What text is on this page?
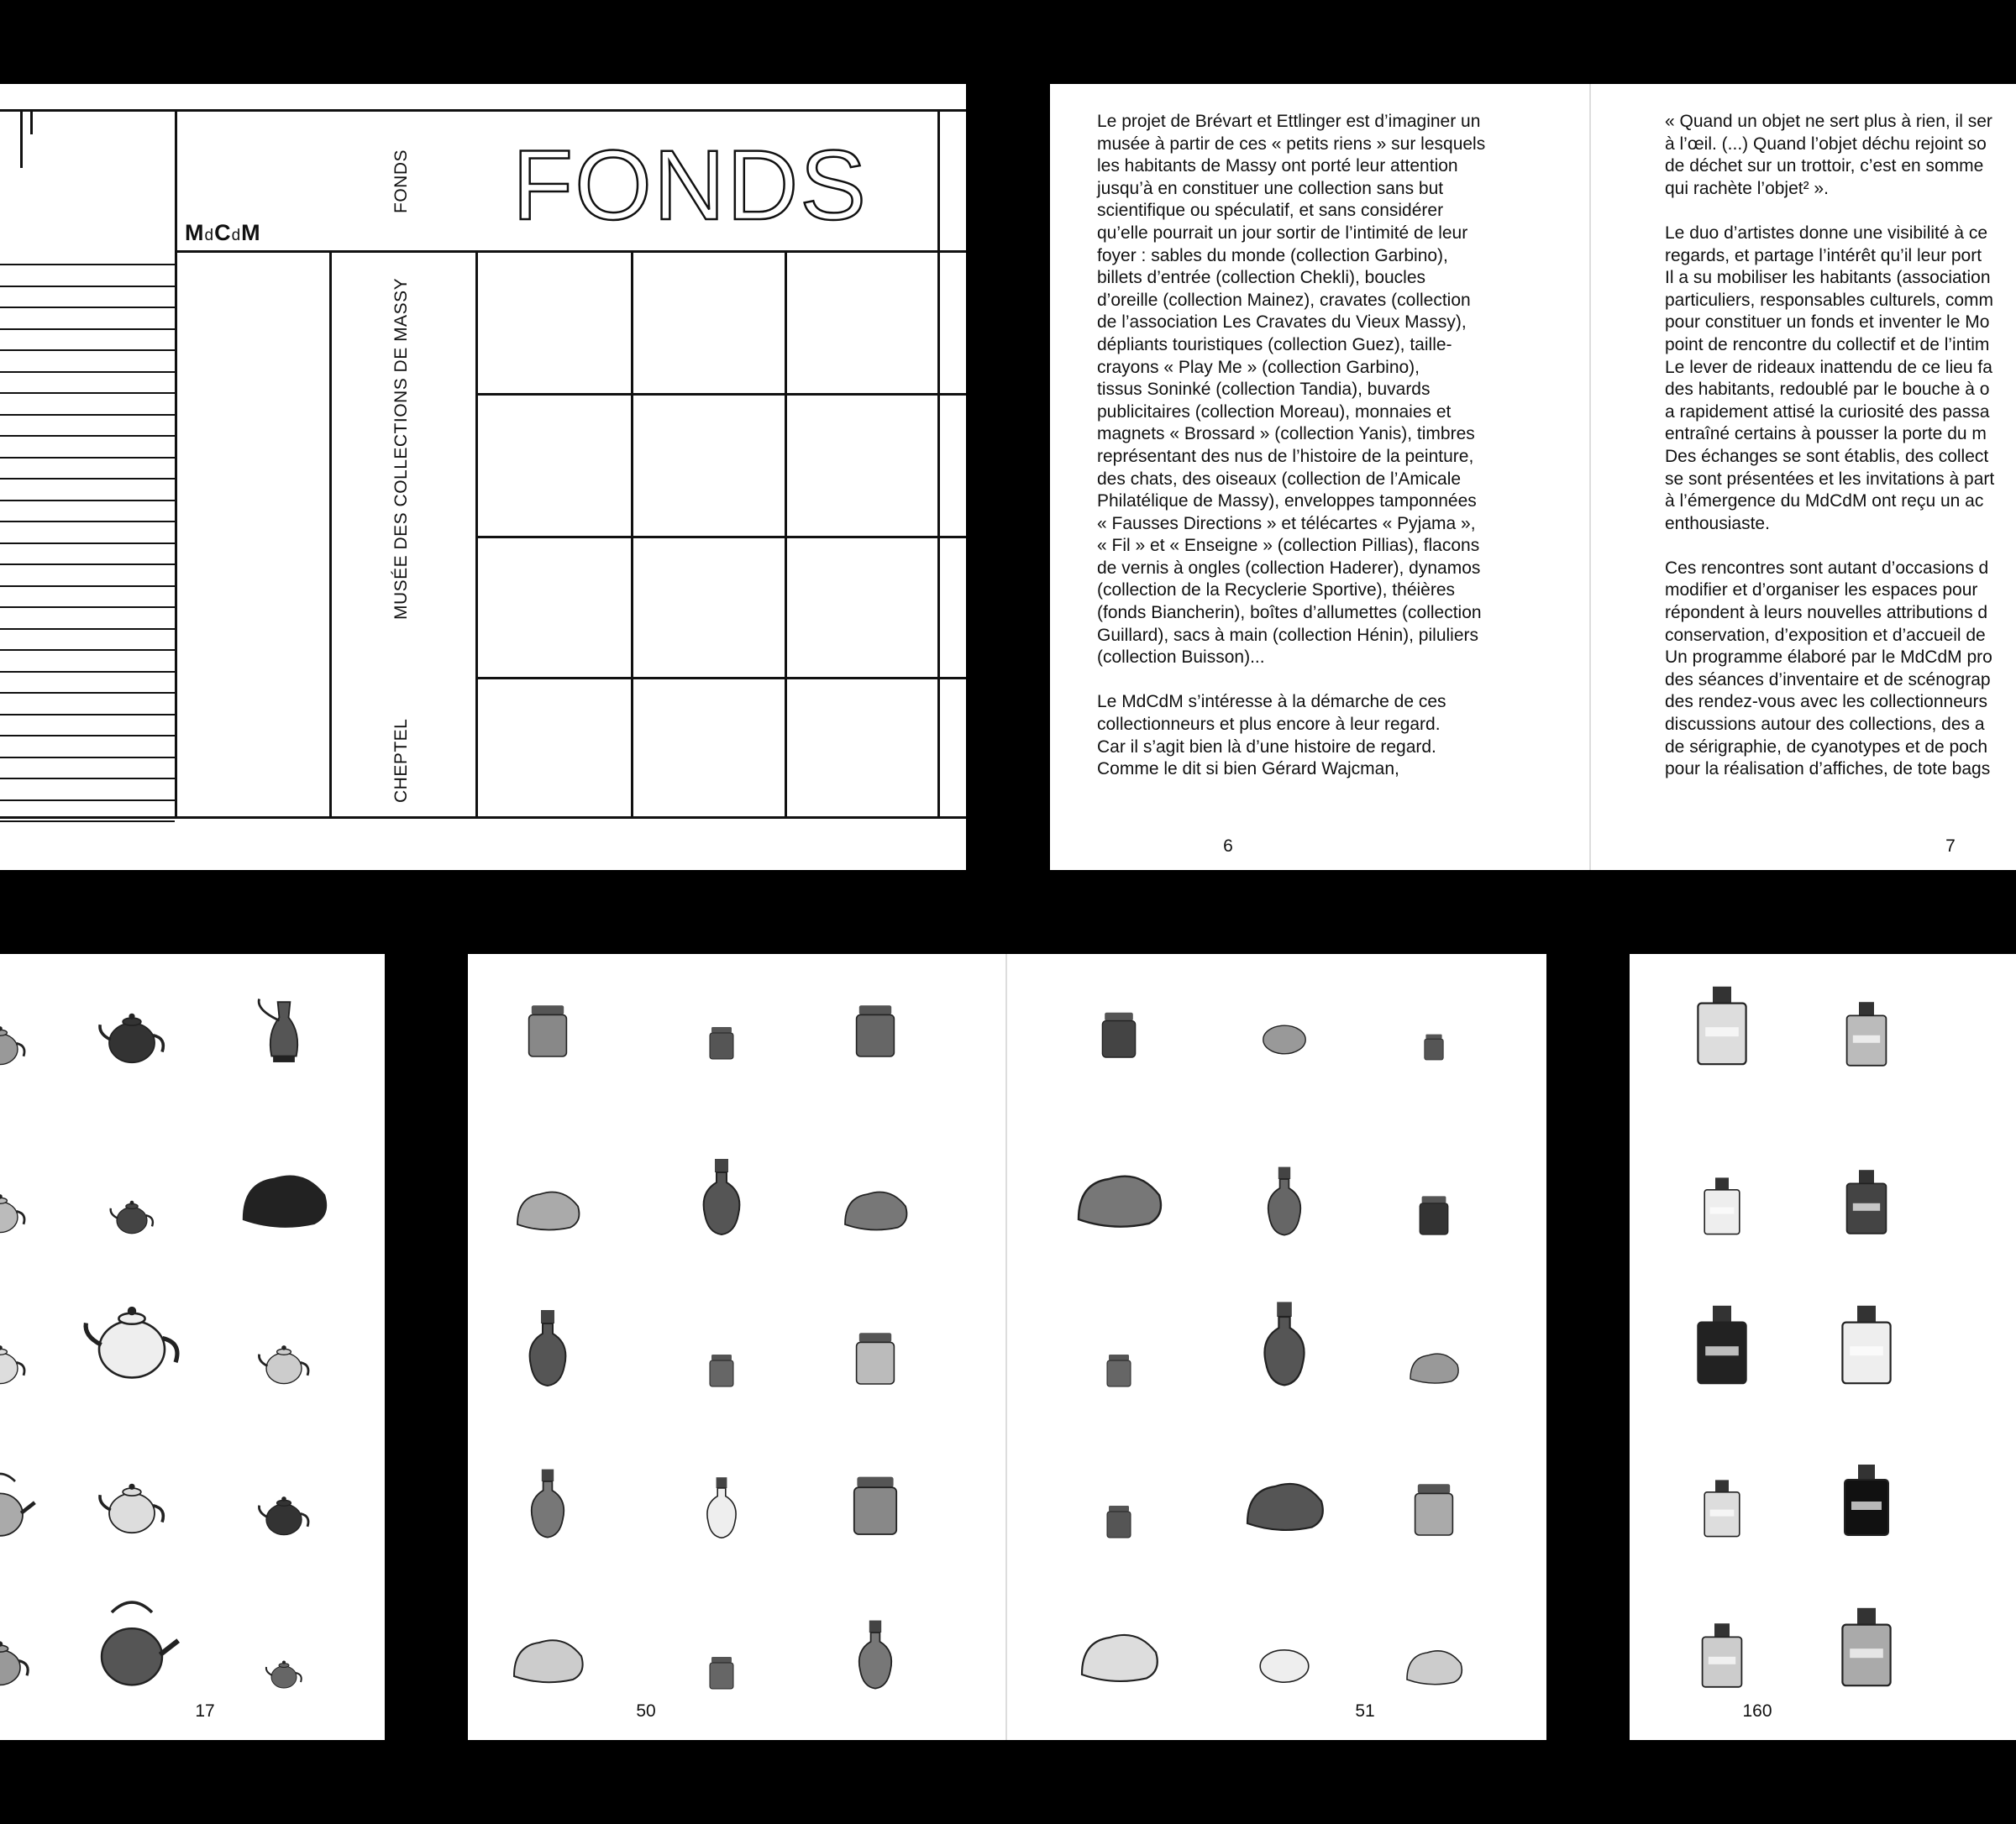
MdCdM
FONDS FONDS
MUSÉE DES COLLECTIONS DE MASSY
CHEPTEL
Le projet de Brévart et Ettlinger est d’imaginer un
musée à partir de ces « petits riens » sur lesquels
les habitants de Massy ont porté leur attention
jusqu’à en constituer une collection sans but
scientifique ou spéculatif, et sans considérer
qu’elle pourrait un jour sortir de l’intimité de leur
foyer : sables du monde (collection Garbino),
billets d’entrée (collection Chekli), boucles
d’oreille (collection Mainez), cravates (collection
de l’association Les Cravates du Vieux Massy),
dépliants touristiques (collection Guez), taille-
crayons « Play Me » (collection Garbino),
tissus Soninké (collection Tandia), buvards
publicitaires (collection Moreau), monnaies et
magnets « Brossard » (collection Yanis), timbres
représentant des nus de l’histoire de la peinture,
des chats, des oiseaux (collection de l’Amicale
Philatélique de Massy), enveloppes tamponnées
« Fausses Directions » et télécartes « Pyjama »,
« Fil » et « Enseigne » (collection Pillias), flacons
de vernis à ongles (collection Haderer), dynamos
(collection de la Recyclerie Sportive), théières
(fonds Biancherin), boîtes d’allumettes (collection
Guillard), sacs à main (collection Hénin), piluliers
(collection Buisson)...

Le MdCdM s’intéresse à la démarche de ces
collectionneurs et plus encore à leur regard.
Car il s’agit bien là d’une histoire de regard.
Comme le dit si bien Gérard Wajcman,
« Quand un objet ne sert plus à rien, il ser
à l’œil. (...) Quand l’objet déchu rejoint so
de déchet sur un trottoir, c’est en somme
qui rachète l’objet² ».

Le duo d’artistes donne une visibilité à ce
regards, et partage l’intérêt qu’il leur port
Il a su mobiliser les habitants (association
particuliers, responsables culturels, comm
pour constituer un fonds et inventer le Mo
point de rencontre du collectif et de l’intim
Le lever de rideaux inattendu de ce lieu fa
des habitants, redoublé par le bouche à o
a rapidement attisé la curiosité des passa
entraîné certains à pousser la porte du m
Des échanges se sont établis, des collect
se sont présentées et les invitations à part
à l’émergence du MdCdM ont reçu un ac
enthousiaste.

Ces rencontres sont autant d’occasions d
modifier et d’organiser les espaces pour
répondent à leurs nouvelles attributions d
conservation, d’exposition et d’accueil de
Un programme élaboré par le MdCdM pro
des séances d’inventaire et de scénograp
des rendez-vous avec les collectionneurs
discussions autour des collections, des a
de sérigraphie, de cyanotypes et de poch
pour la réalisation d’affiches, de tote bags
6	7
17	50	51	160
